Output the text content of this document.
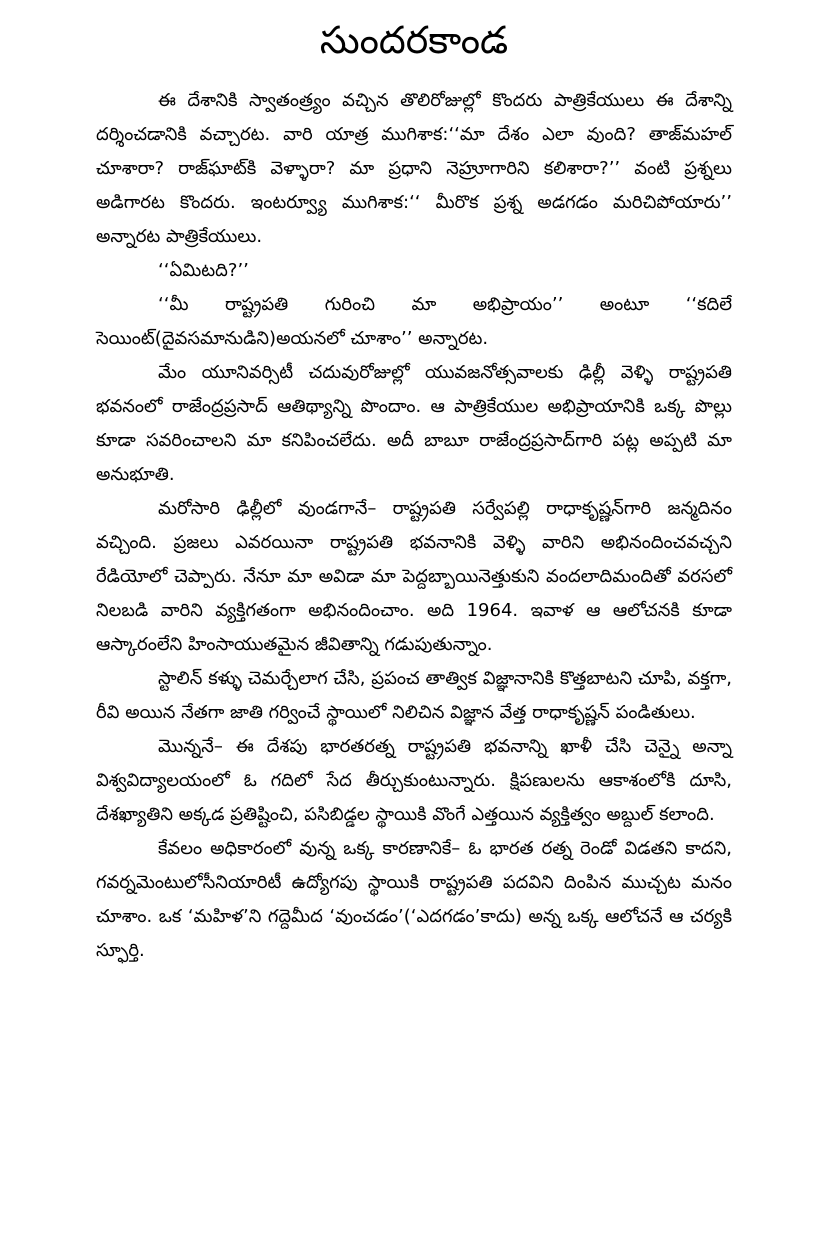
సుందరకాండ

ఈ దేశానికి స్వాతంత్ర్యం వచ్చిన తొలిరోజుల్లో కొందరు పాత్రికేయులు ఈ దేశాన్ని దర్శించడానికి వచ్చారట. వారి యాత్ర ముగిశాక:‘‘మా దేశం ఎలా వుంది? తాజ్‌మహల్ చూశారా? రాజ్‌ఘాట్‌కి వెళ్ళారా? మా ప్రధాని నెహ్రూగారిని కలిశారా?’’ వంటి ప్రశ్నలు అడిగారట కొందరు. ఇంటర్వ్యూ ముగిశాక:‘‘ మీరొక ప్రశ్న అడగడం మరిచిపోయారు’’ అన్నారట పాత్రికేయులు.

‘‘ఏమిటది?’’

‘‘మీ రాష్ట్రపతి గురించి మా అభిప్రాయం’’ అంటూ ‘‘కదిలే సెయింట్(దైవసమానుడిని)అయనలో చూశాం’’ అన్నారట.

మేం యూనివర్సిటీ చదువురోజుల్లో యువజనోత్సవాలకు ఢిల్లీ వెళ్ళి రాష్ట్రపతి భవనంలో రాజేంద్రప్రసాద్ ఆతిథ్యాన్ని పొందాం. ఆ పాత్రికేయుల అభిప్రాయానికి ఒక్క పొల్లు కూడా సవరించాలని మా కనిపించలేదు. అదీ బాబూ రాజేంద్రప్రసాద్‌గారి పట్ల అప్పటి మా అనుభూతి.

మరోసారి ఢిల్లీలో వుండగానే– రాష్ట్రపతి సర్వేపల్లి రాధాకృష్ణన్‌గారి జన్మదినం వచ్చింది. ప్రజలు ఎవరయినా రాష్ట్రపతి భవనానికి వెళ్ళి వారిని అభినందించవచ్చని రేడియోలో చెప్పారు. నేనూ మా అవిడా మా పెద్దబ్బాయినెత్తుకుని వందలాదిమందితో వరసలో నిలబడి వారిని వ్యక్తిగతంగా అభినందించాం. అది 1964. ఇవాళ ఆ ఆలోచనకి కూడా ఆస్కారంలేని హింసాయుతమైన జీవితాన్ని గడుపుతున్నాం.

స్టాలిన్ కళ్ళు చెమర్చేలాగ చేసి, ప్రపంచ తాత్విక విజ్ఞానానికి కొత్తబాటని చూపి, వక్తగా, రీవి అయిన నేతగా జాతి గర్వించే స్థాయిలో నిలిచిన విజ్ఞాన వేత్త రాధాకృష్ణన్ పండితులు.

మొన్ననే– ఈ దేశపు భారతరత్న రాష్ట్రపతి భవనాన్ని ఖాళీ చేసి చెన్నై అన్నా విశ్వవిద్యాలయంలో ఓ గదిలో సేద తీర్చుకుంటున్నారు. క్షిపణులను ఆకాశంలోకి దూసి, దేశఖ్యాతిని అక్కడ ప్రతిష్టించి, పసిబిడ్డల స్థాయికి వొంగే ఎత్తయిన వ్యక్తిత్వం అబ్దుల్ కలాంది.

కేవలం అధికారంలో వున్న ఒక్క కారణానికే– ఓ భారత రత్న రెండో విడతని కాదని, గవర్నమెంటులోసీనియారిటీ ఉద్యోగపు స్థాయికి రాష్ట్రపతి పదవిని దింపిన ముచ్చట మనం చూశాం. ఒక ‘మహిళ’ని గద్దెమీద ‘వుంచడం’(‘ఎదగడం’కాదు) అన్న ఒక్క ఆలోచనే ఆ చర్యకి స్ఫూర్తి.
